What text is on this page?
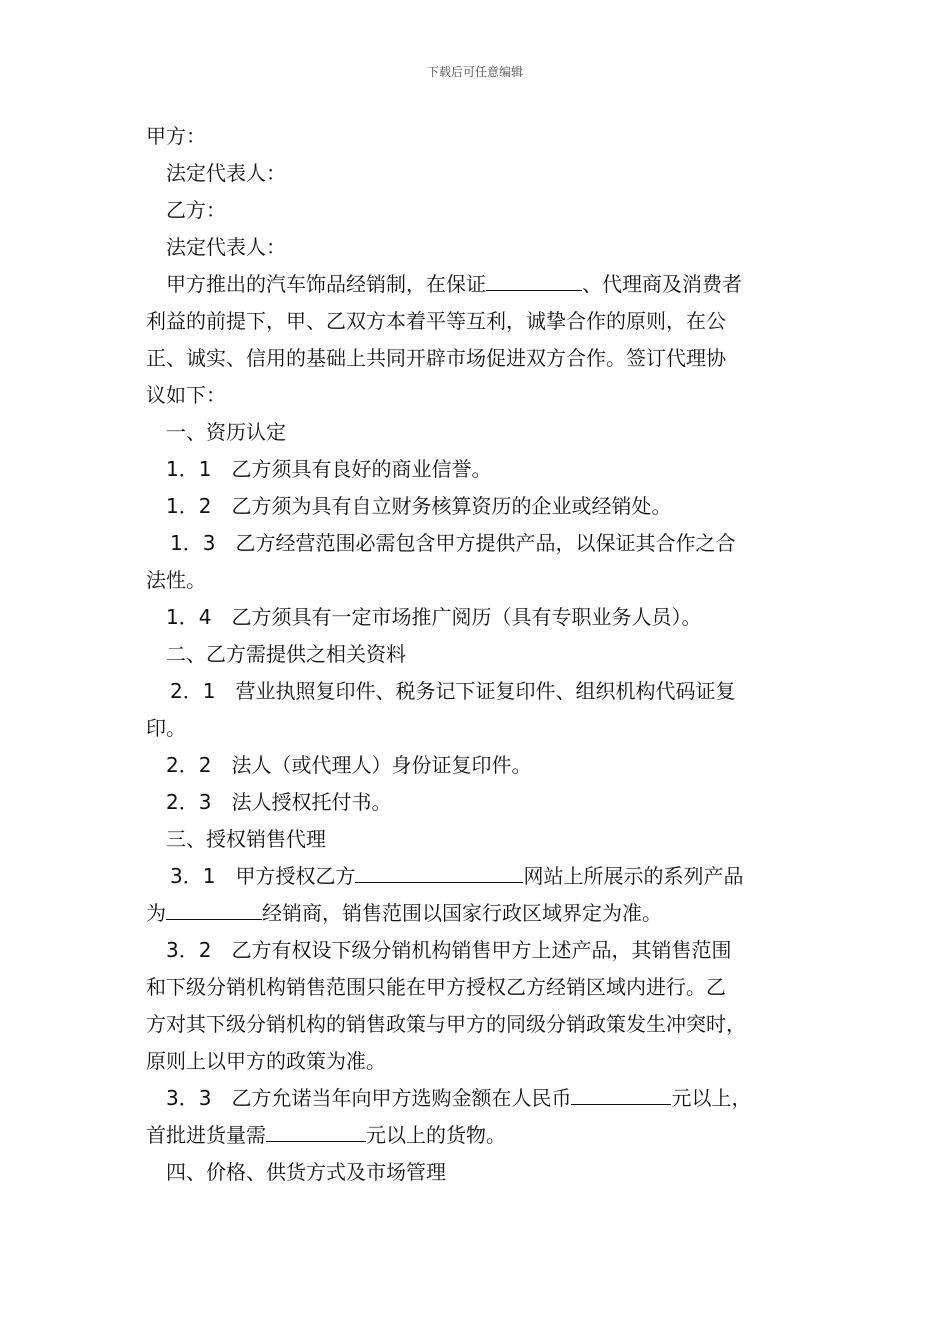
下载后可任意编辑
甲方：
法定代表人：
乙方：
法定代表人：
甲方推出的汽车饰品经销制，在保证	、代理商及消费者
利益的前提下，甲、乙双方本着平等互利，诚挚合作的原则，在公
正、诚实、信用的基础上共同开辟市场促进双方合作。签订代理协
议如下：
一、资历认定
1．1　乙方须具有良好的商业信誉。
1．2　乙方须为具有自立财务核算资历的企业或经销处。
1．3　乙方经营范围必需包含甲方提供产品，以保证其合作之合
法性。
1．4　乙方须具有一定市场推广阅历（具有专职业务人员）。
二、乙方需提供之相关资料
2．1　营业执照复印件、税务记下证复印件、组织机构代码证复
印。
2．2　法人（或代理人）身份证复印件。
2．3　法人授权托付书。
三、授权销售代理
3．1　甲方授权乙方	网站上所展示的系列产品
为	经销商，销售范围以国家行政区域界定为准。
3．2　乙方有权设下级分销机构销售甲方上述产品，其销售范围
和下级分销机构销售范围只能在甲方授权乙方经销区域内进行。乙
方对其下级分销机构的销售政策与甲方的同级分销政策发生冲突时，
原则上以甲方的政策为准。
3．3　乙方允诺当年向甲方选购金额在人民币	元以上，
首批进货量需	元以上的货物。
四、价格、供货方式及市场管理
